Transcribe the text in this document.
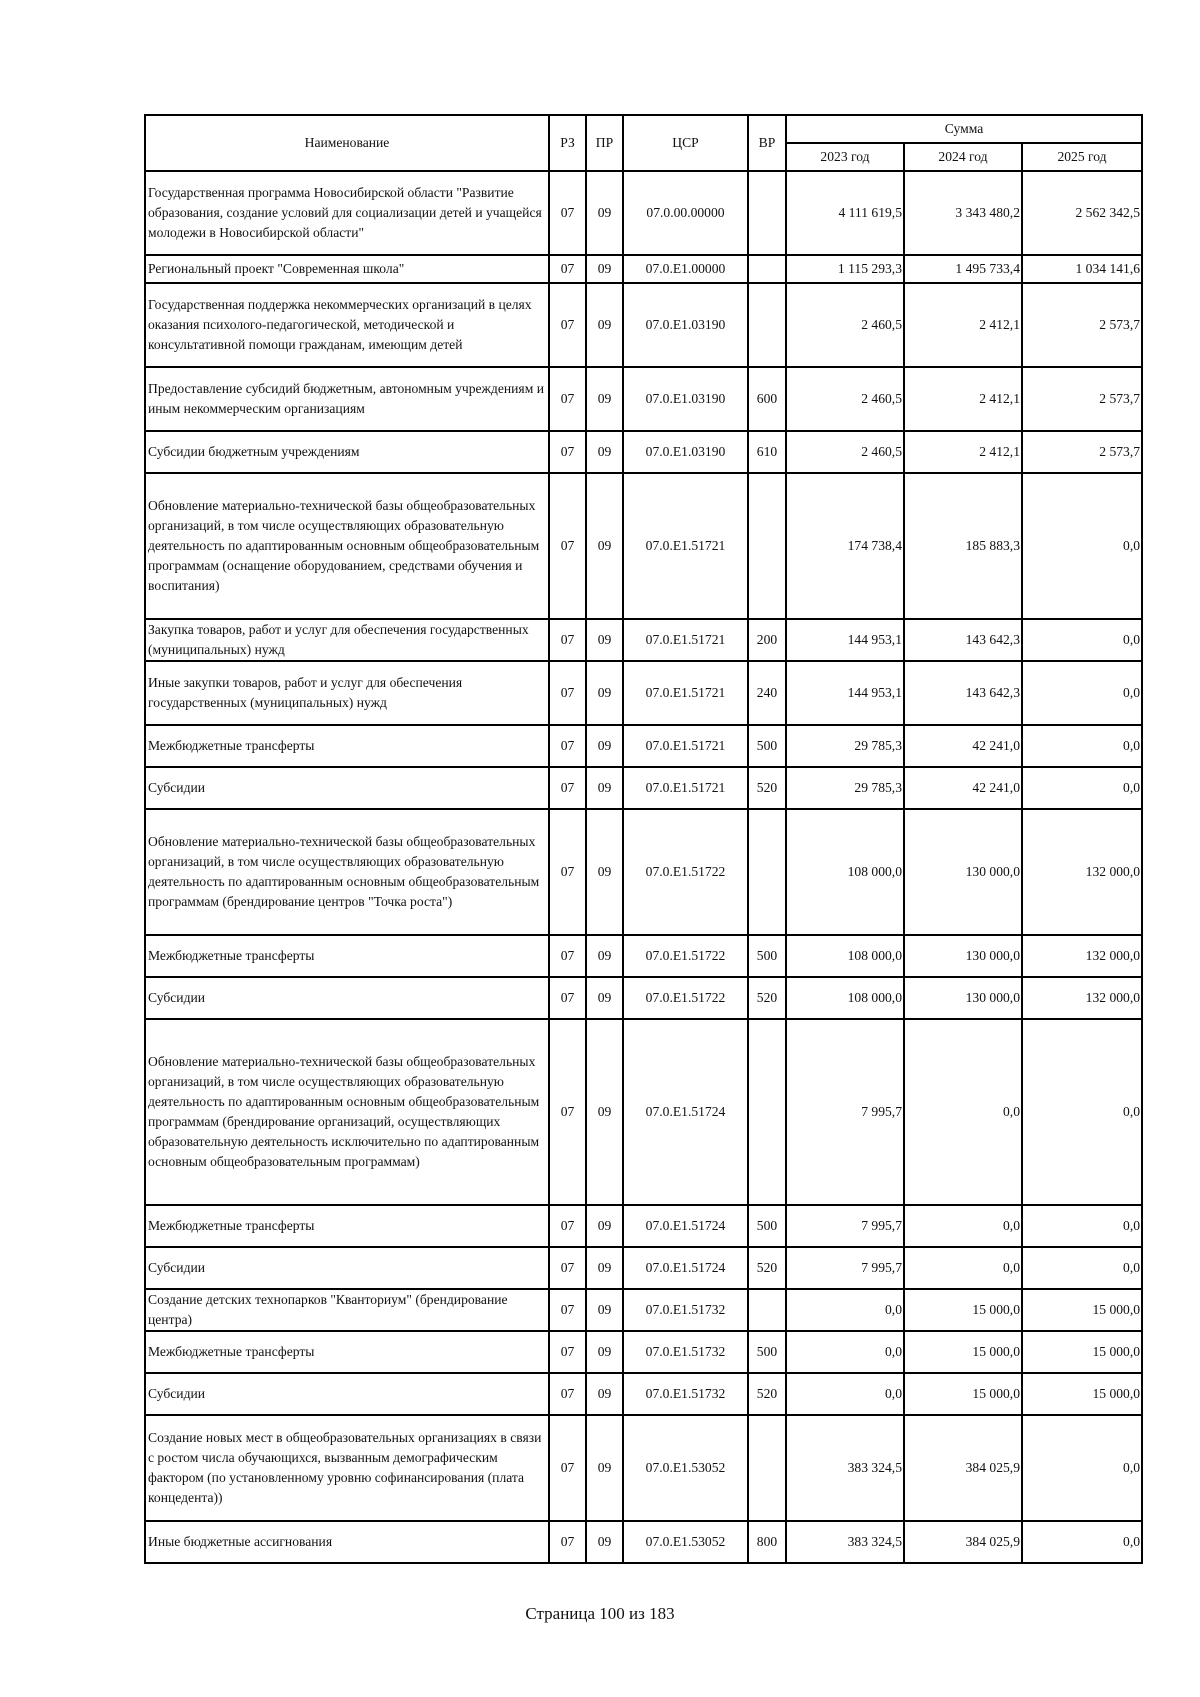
Наименование	РЗ	ПР	ЦСР	ВР	Сумма		
					2023 год	2024 год	2025 год
Государственная программа Новосибирской области "Развитие образования, создание условий для социализации детей и учащейся молодежи в Новосибирской области"	07	09	07.0.00.00000		4 111 619,5	3 343 480,2	2 562 342,5
Региональный проект "Современная школа"	07	09	07.0.E1.00000		1 115 293,3	1 495 733,4	1 034 141,6
Государственная поддержка некоммерческих организаций в целях оказания психолого-педагогической, методической и консультативной помощи гражданам, имеющим детей	07	09	07.0.E1.03190		2 460,5	2 412,1	2 573,7
Предоставление субсидий бюджетным, автономным учреждениям и иным некоммерческим организациям	07	09	07.0.E1.03190	600	2 460,5	2 412,1	2 573,7
Субсидии бюджетным учреждениям	07	09	07.0.E1.03190	610	2 460,5	2 412,1	2 573,7
Обновление материально-технической базы общеобразовательных организаций, в том числе осуществляющих образовательную деятельность по адаптированным основным общеобразовательным программам (оснащение оборудованием, средствами обучения и воспитания)	07	09	07.0.E1.51721		174 738,4	185 883,3	0,0
Закупка товаров, работ и услуг для обеспечения государственных (муниципальных) нужд	07	09	07.0.E1.51721	200	144 953,1	143 642,3	0,0
Иные закупки товаров, работ и услуг для обеспечения государственных (муниципальных) нужд	07	09	07.0.E1.51721	240	144 953,1	143 642,3	0,0
Межбюджетные трансферты	07	09	07.0.E1.51721	500	29 785,3	42 241,0	0,0
Субсидии	07	09	07.0.E1.51721	520	29 785,3	42 241,0	0,0
Обновление материально-технической базы общеобразовательных организаций, в том числе осуществляющих образовательную деятельность по адаптированным основным общеобразовательным программам (брендирование центров "Точка роста")	07	09	07.0.E1.51722		108 000,0	130 000,0	132 000,0
Межбюджетные трансферты	07	09	07.0.E1.51722	500	108 000,0	130 000,0	132 000,0
Субсидии	07	09	07.0.E1.51722	520	108 000,0	130 000,0	132 000,0
Обновление материально-технической базы общеобразовательных организаций, в том числе осуществляющих образовательную деятельность по адаптированным основным общеобразовательным программам (брендирование организаций, осуществляющих образовательную деятельность исключительно по адаптированным основным общеобразовательным программам)	07	09	07.0.E1.51724		7 995,7	0,0	0,0
Межбюджетные трансферты	07	09	07.0.E1.51724	500	7 995,7	0,0	0,0
Субсидии	07	09	07.0.E1.51724	520	7 995,7	0,0	0,0
Создание детских технопарков "Кванториум" (брендирование центра)	07	09	07.0.E1.51732		0,0	15 000,0	15 000,0
Межбюджетные трансферты	07	09	07.0.E1.51732	500	0,0	15 000,0	15 000,0
Субсидии	07	09	07.0.E1.51732	520	0,0	15 000,0	15 000,0
Создание новых мест в общеобразовательных организациях в связи с ростом числа обучающихся, вызванным демографическим фактором (по установленному уровню софинансирования (плата концедента))	07	09	07.0.E1.53052		383 324,5	384 025,9	0,0
Иные бюджетные ассигнования	07	09	07.0.E1.53052	800	383 324,5	384 025,9	0,0
Страница 100 из 183
